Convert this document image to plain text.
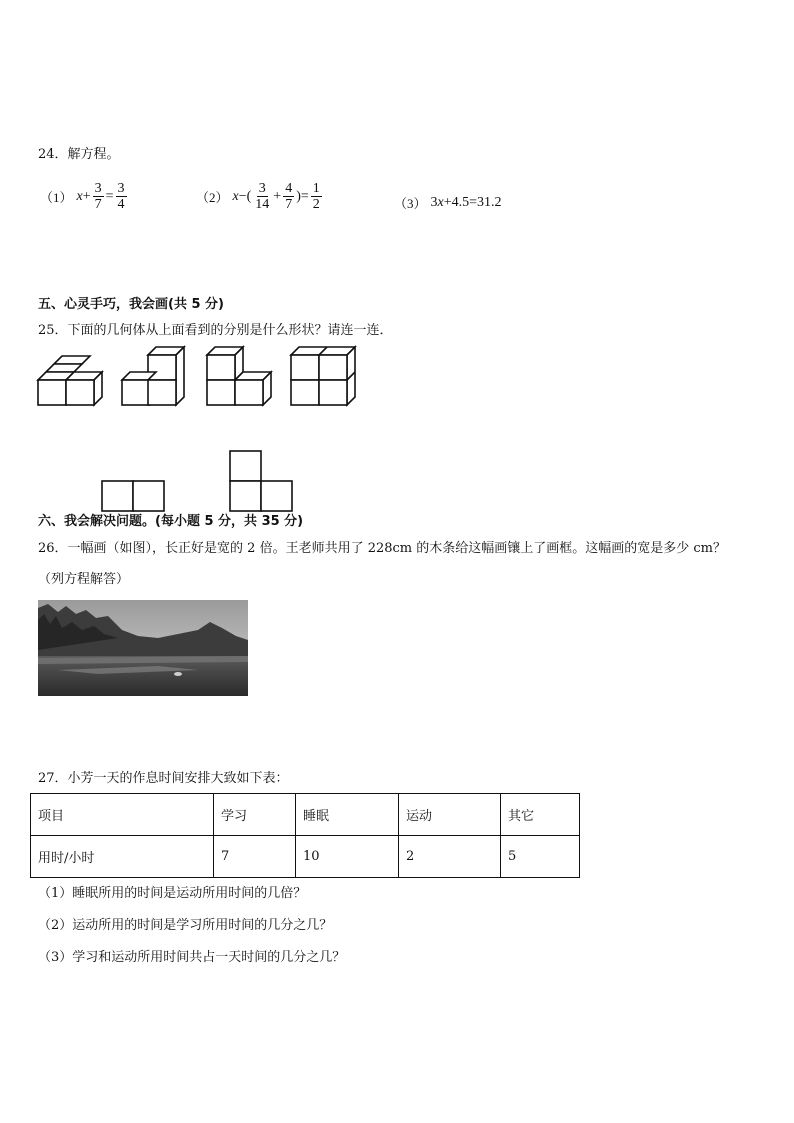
24．解方程。
（1） $x + \frac{3}{7} = \frac{3}{4}$	（2） x −( $\frac{3}{14} + \frac{4}{7}$ )= $\frac{1}{2}$	（3） 3 x +4.5=31.2
五、心灵手巧，我会画(共 5 分)
25．下面的几何体从上面看到的分别是什么形状？请连一连．
六、我会解决问题。(每小题 5 分，共 35 分)
26．一幅画（如图），长正好是宽的 2 倍。王老师共用了 228cm 的木条给这幅画镶上了画框。这幅画的宽是多少 cm？
（列方程解答）
27．小芳一天的作息时间安排大致如下表：
项目	学习	睡眠	运动	其它
用时/小时	7	10	2	5
（1）睡眠所用的时间是运动所用时间的几倍？
（2）运动所用的时间是学习所用时间的几分之几？
（3）学习和运动所用时间共占一天时间的几分之几？
